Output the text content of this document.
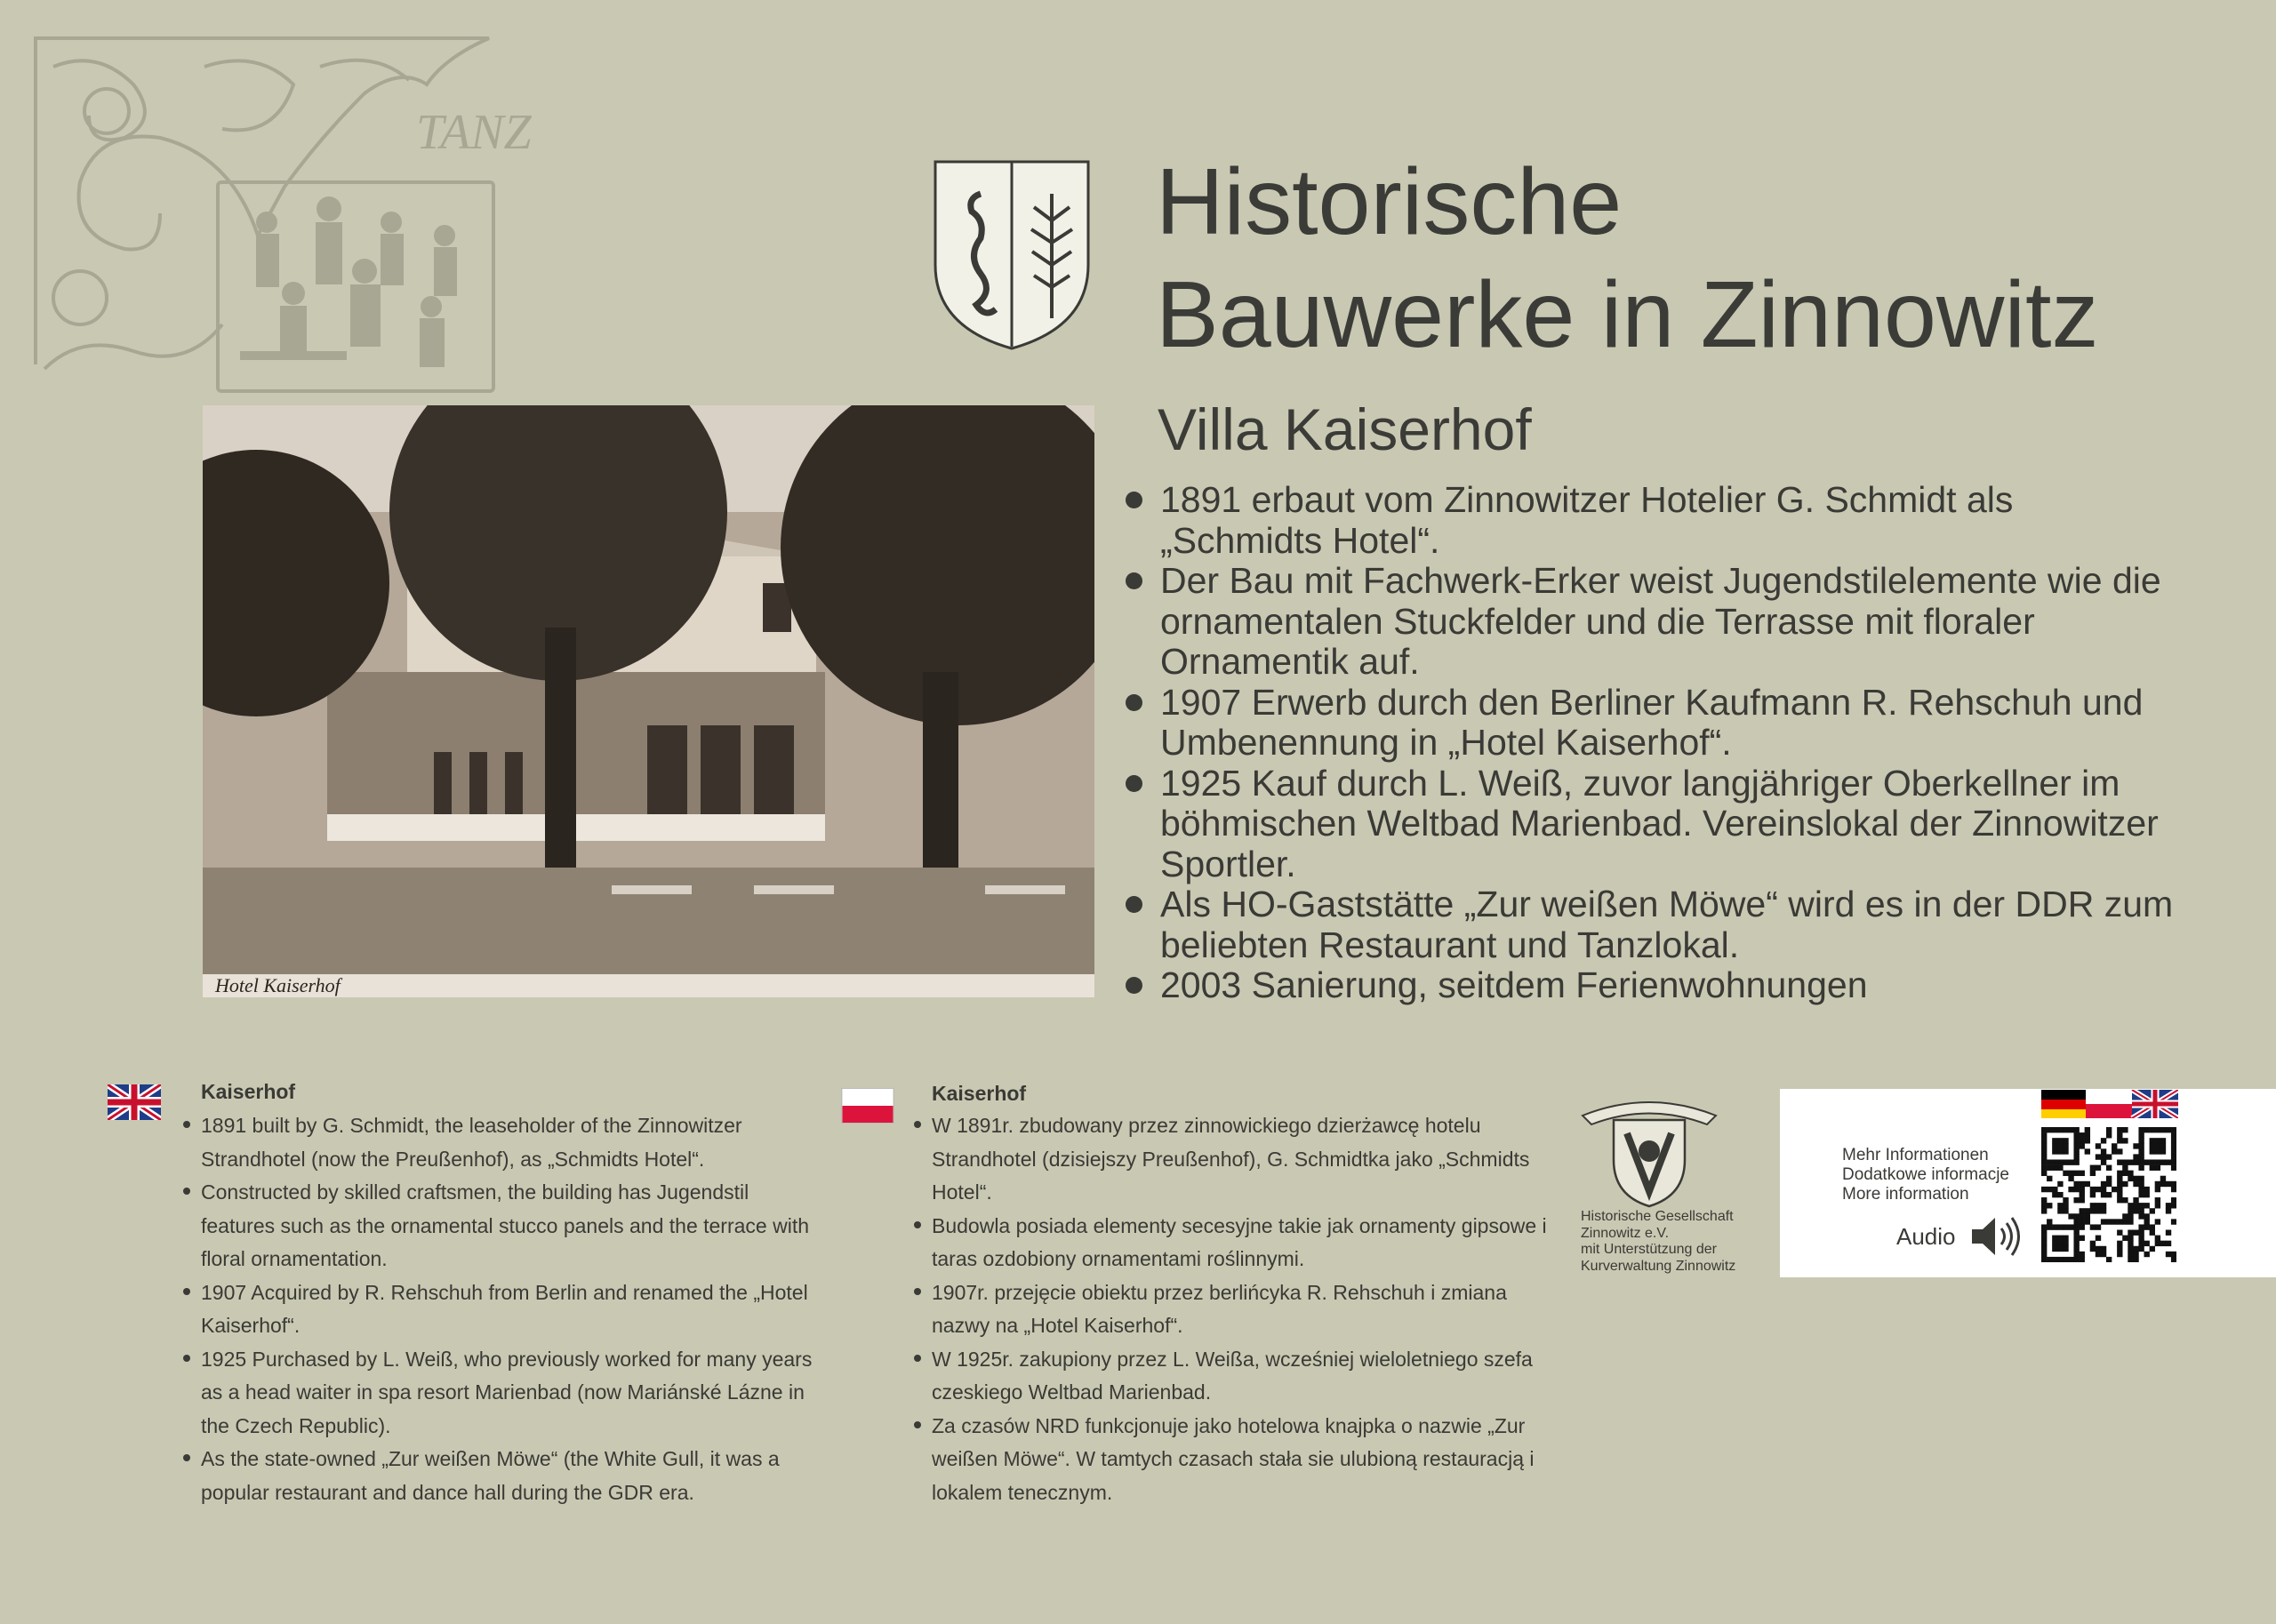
TANZ
Historische
Bauwerke in Zinnowitz
Villa Kaiserhof
Hotel Kaiserhof
1891 erbaut vom Zinnowitzer Hotelier G. Schmidt als „Schmidts Hotel“.
Der Bau mit Fachwerk-Erker weist Jugendstilelemente wie die ornamentalen Stuckfelder und die Terrasse mit floraler Ornamentik auf.
1907 Erwerb durch den Berliner Kaufmann R. Rehschuh und Umbenennung in „Hotel Kaiserhof“.
1925 Kauf durch L. Weiß, zuvor langjähriger Oberkellner im böhmischen Weltbad Marienbad. Vereinslokal der Zinnowitzer Sportler.
Als HO-Gaststätte „Zur weißen Möwe“ wird es in der DDR zum beliebten Restaurant und Tanzlokal.
2003 Sanierung, seitdem Ferienwohnungen
Kaiserhof
1891 built by G. Schmidt, the leaseholder of the Zinnowitzer Strandhotel (now the Preußenhof), as „Schmidts Hotel“.
Constructed by skilled craftsmen, the building has Jugendstil features such as the ornamental stucco panels and the terrace with floral ornamentation.
1907 Acquired by R. Rehschuh from Berlin and renamed the „Hotel Kaiserhof“.
1925 Purchased by L. Weiß, who previously worked for many years as a head waiter in spa resort Marienbad (now Mariánské Lázne in the Czech Republic).
As the state-owned „Zur weißen Möwe“ (the White Gull, it was a popular restaurant and dance hall during the GDR era.
Kaiserhof
W 1891r. zbudowany przez zinnowickiego dzierżawcę hotelu Strandhotel (dzisiejszy Preußenhof), G. Schmidtka jako „Schmidts Hotel“.
Budowla posiada elementy secesyjne takie jak ornamenty gipsowe i taras ozdobiony ornamentami roślinnymi.
1907r. przejęcie obiektu przez berlińcyka R. Rehschuh i zmiana nazwy na „Hotel Kaiserhof“.
W 1925r. zakupiony przez L. Weißa, wcześniej wieloletniego szefa czeskiego Weltbad Marienbad.
Za czasów NRD funkcjonuje jako hotelowa knajpka o nazwie „Zur weißen Möwe“. W tamtych czasach stała sie ulubioną restauracją i lokalem tenecznym.
Historische Gesellschaft
Zinnowitz e.V.
mit Unterstützung der
Kurverwaltung Zinnowitz
Mehr Informationen
Dodatkowe informacje
More information
Audio
